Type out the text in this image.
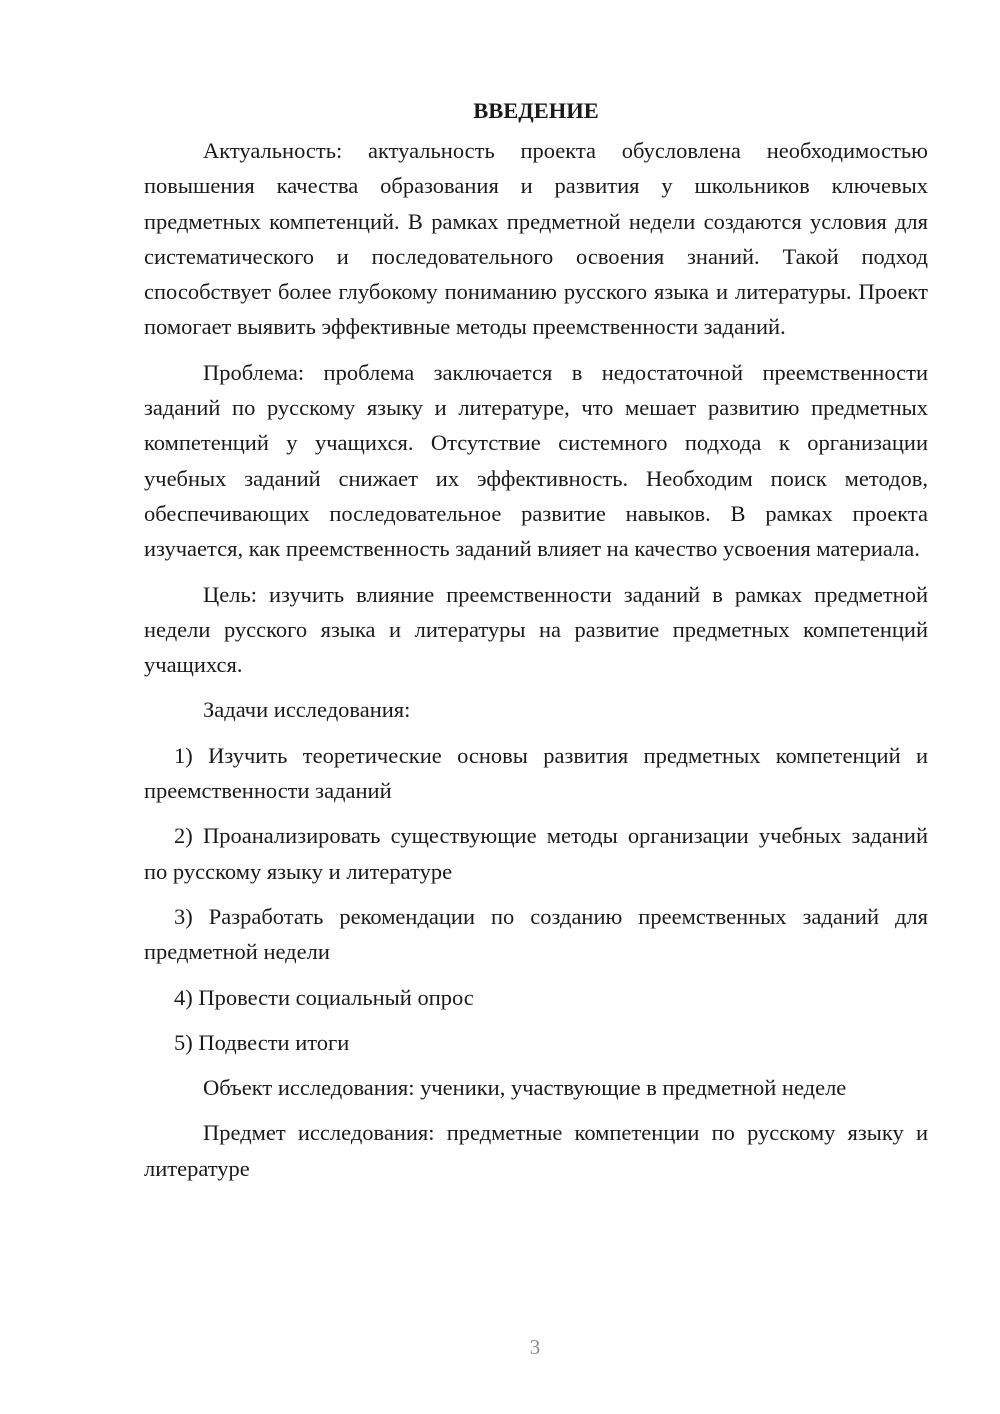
ВВЕДЕНИЕ

Актуальность: актуальность проекта обусловлена необходимостью повышения качества образования и развития у школьников ключевых предметных компетенций. В рамках предметной недели создаются условия для систематического и последовательного освоения знаний. Такой подход способствует более глубокому пониманию русского языка и литературы. Проект помогает выявить эффективные методы преемственности заданий.

Проблема: проблема заключается в недостаточной преемственности заданий по русскому языку и литературе, что мешает развитию предметных компетенций у учащихся. Отсутствие системного подхода к организации учебных заданий снижает их эффективность. Необходим поиск методов, обеспечивающих последовательное развитие навыков. В рамках проекта изучается, как преемственность заданий влияет на качество усвоения материала.

Цель: изучить влияние преемственности заданий в рамках предметной недели русского языка и литературы на развитие предметных компетенций учащихся.

Задачи исследования:

1) Изучить теоретические основы развития предметных компетенций и преемственности заданий

2) Проанализировать существующие методы организации учебных заданий по русскому языку и литературе

3) Разработать рекомендации по созданию преемственных заданий для предметной недели

4) Провести социальный опрос

5) Подвести итоги

Объект исследования: ученики, участвующие в предметной неделе

Предмет исследования: предметные компетенции по русскому языку и литературе

3
